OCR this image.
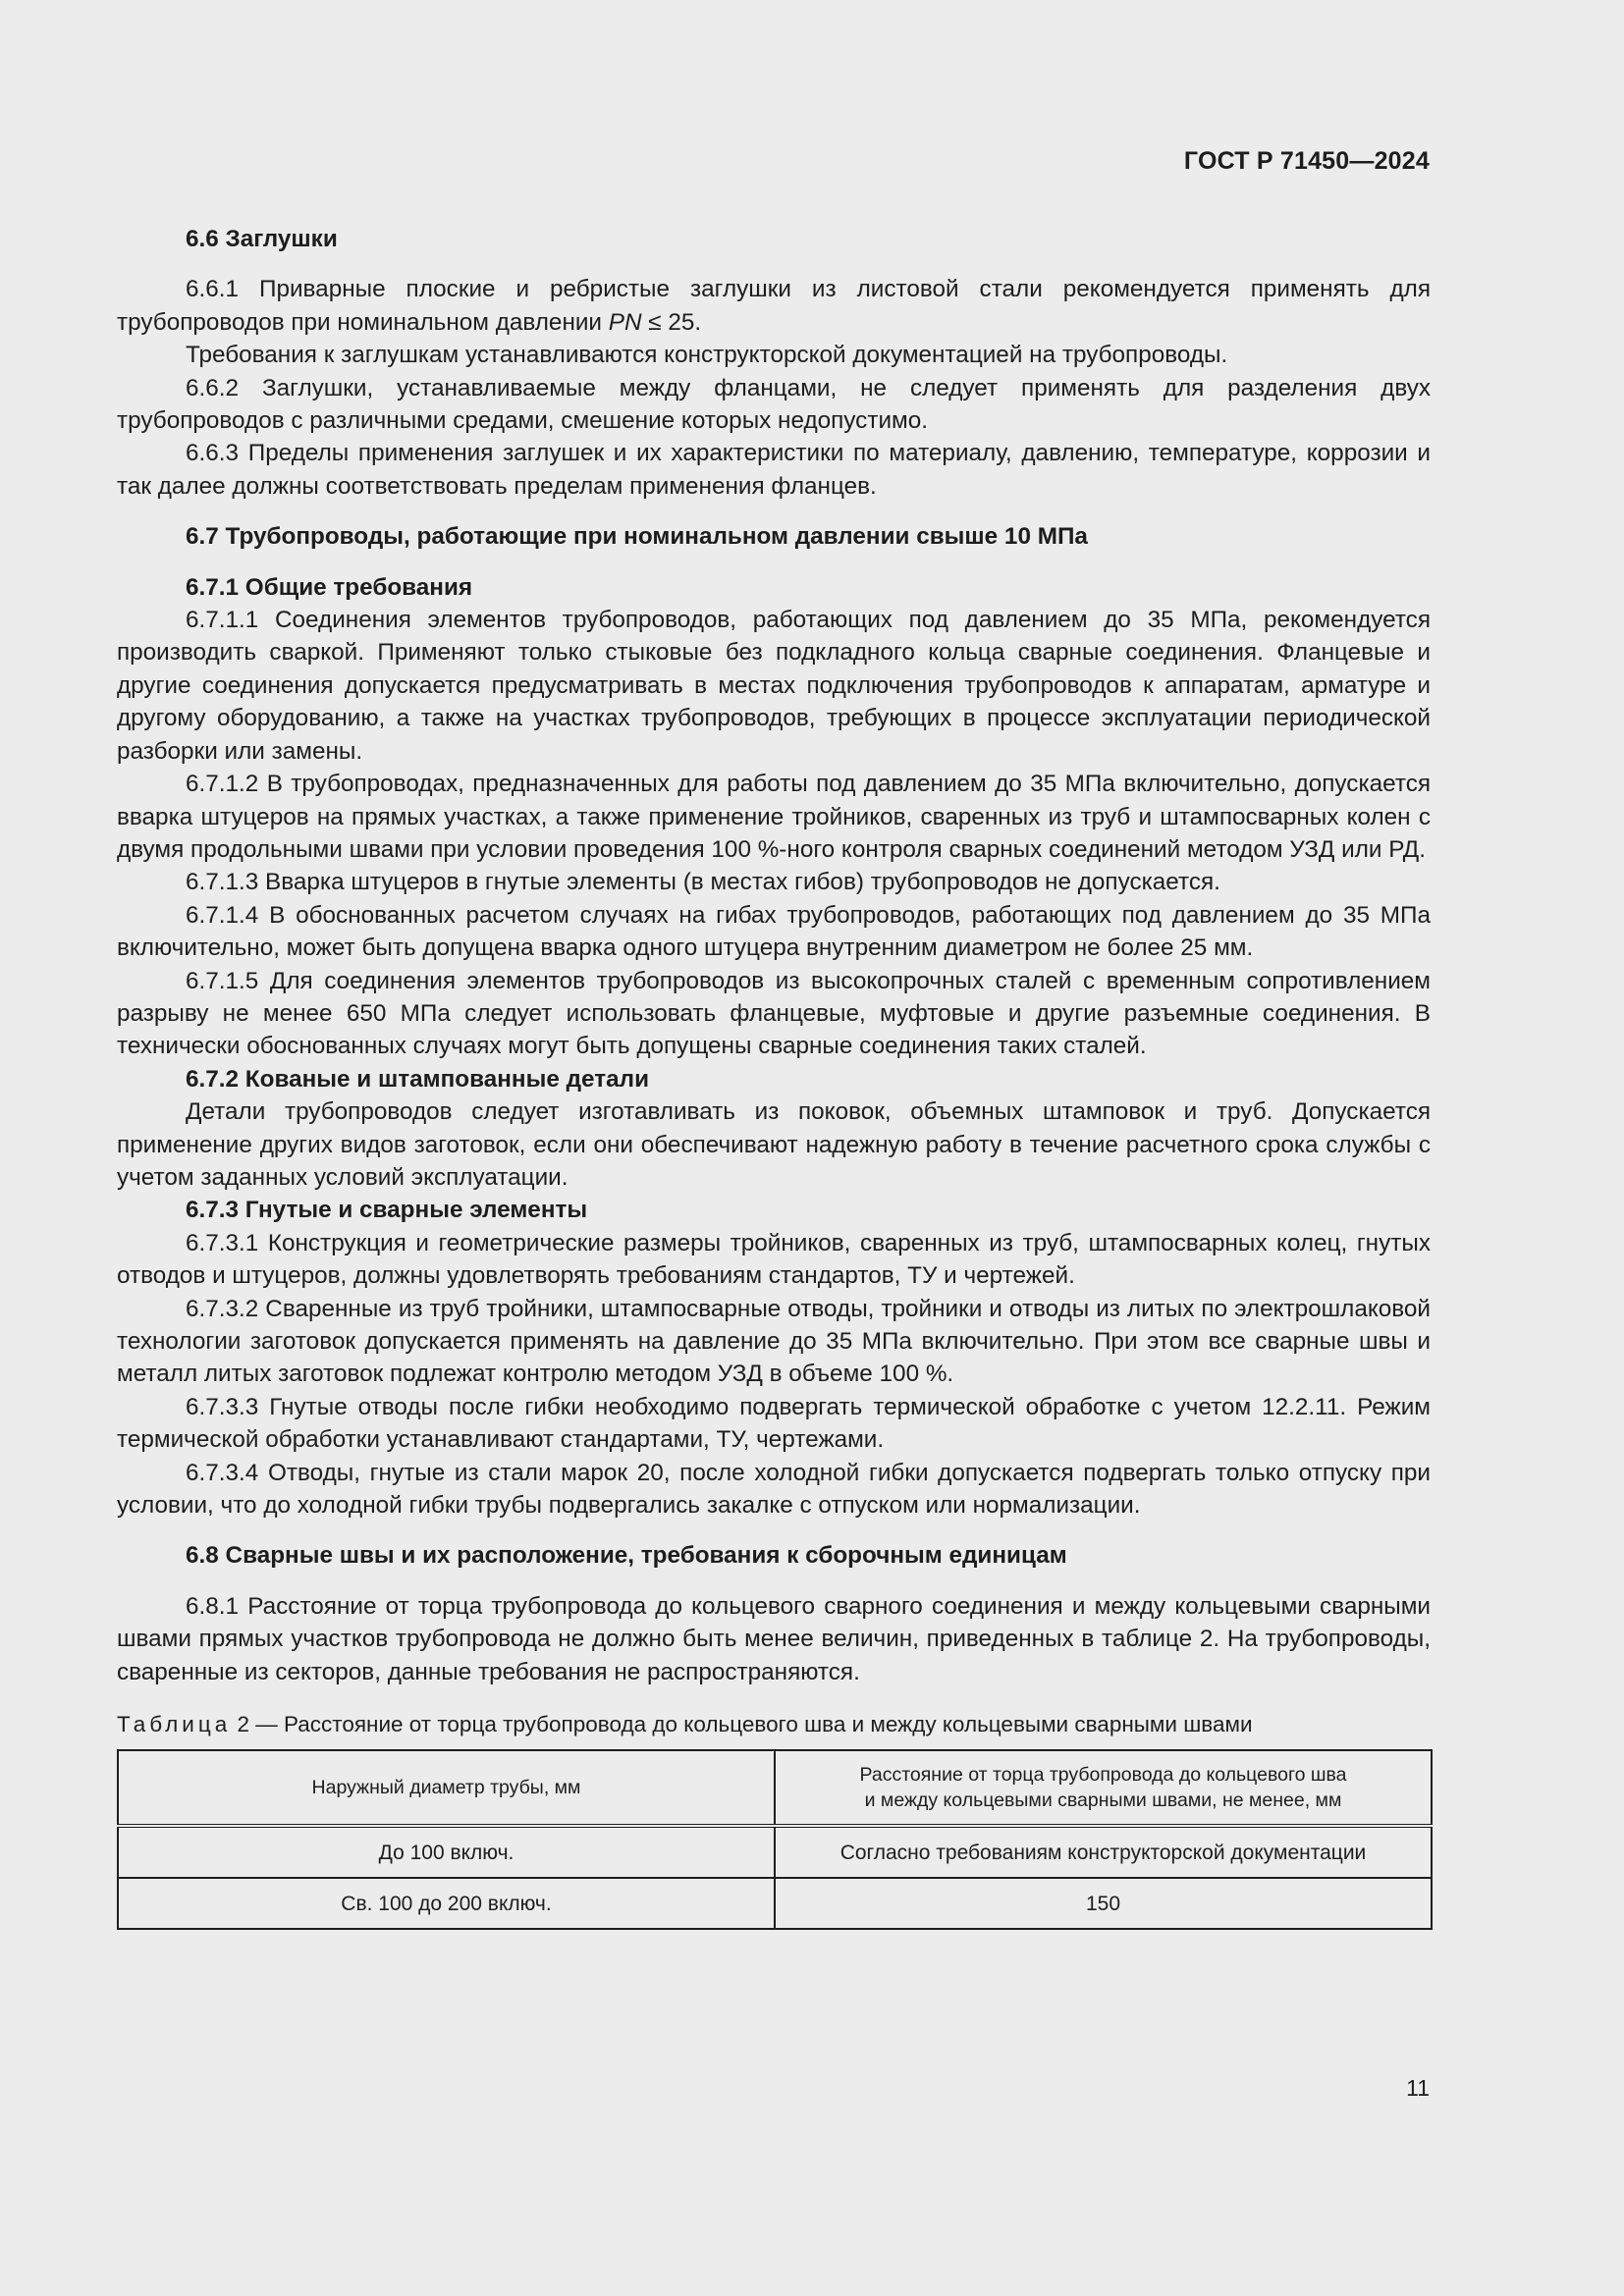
ГОСТ Р 71450—2024
6.6 Заглушки

6.6.1 Приварные плоские и ребристые заглушки из листовой стали рекомендуется применять для трубопроводов при номинальном давлении PN ≤ 25.

Требования к заглушкам устанавливаются конструкторской документацией на трубопроводы.

6.6.2 Заглушки, устанавливаемые между фланцами, не следует применять для разделения двух трубопроводов с различными средами, смешение которых недопустимо.

6.6.3 Пределы применения заглушек и их характеристики по материалу, давлению, температуре, коррозии и так далее должны соответствовать пределам применения фланцев.

6.7 Трубопроводы, работающие при номинальном давлении свыше 10 МПа
6.7.1 Общие требования

6.7.1.1 Соединения элементов трубопроводов, работающих под давлением до 35 МПа, рекомендуется производить сваркой. Применяют только стыковые без подкладного кольца сварные соединения. Фланцевые и другие соединения допускается предусматривать в местах подключения трубопроводов к аппаратам, арматуре и другому оборудованию, а также на участках трубопроводов, требующих в процессе эксплуатации периодической разборки или замены.

6.7.1.2 В трубопроводах, предназначенных для работы под давлением до 35 МПа включительно, допускается вварка штуцеров на прямых участках, а также применение тройников, сваренных из труб и штампосварных колен с двумя продольными швами при условии проведения 100 %-ного контроля сварных соединений методом УЗД или РД.

6.7.1.3 Вварка штуцеров в гнутые элементы (в местах гибов) трубопроводов не допускается.

6.7.1.4 В обоснованных расчетом случаях на гибах трубопроводов, работающих под давлением до 35 МПа включительно, может быть допущена вварка одного штуцера внутренним диаметром не более 25 мм.

6.7.1.5 Для соединения элементов трубопроводов из высокопрочных сталей с временным сопротивлением разрыву не менее 650 МПа следует использовать фланцевые, муфтовые и другие разъемные соединения. В технически обоснованных случаях могут быть допущены сварные соединения таких сталей.

6.7.2 Кованые и штампованные детали

Детали трубопроводов следует изготавливать из поковок, объемных штамповок и труб. Допускается применение других видов заготовок, если они обеспечивают надежную работу в течение расчетного срока службы с учетом заданных условий эксплуатации.

6.7.3 Гнутые и сварные элементы

6.7.3.1 Конструкция и геометрические размеры тройников, сваренных из труб, штампосварных колец, гнутых отводов и штуцеров, должны удовлетворять требованиям стандартов, ТУ и чертежей.

6.7.3.2 Сваренные из труб тройники, штампосварные отводы, тройники и отводы из литых по электрошлаковой технологии заготовок допускается применять на давление до 35 МПа включительно. При этом все сварные швы и металл литых заготовок подлежат контролю методом УЗД в объеме 100 %.

6.7.3.3 Гнутые отводы после гибки необходимо подвергать термической обработке с учетом 12.2.11. Режим термической обработки устанавливают стандартами, ТУ, чертежами.

6.7.3.4 Отводы, гнутые из стали марок 20, после холодной гибки допускается подвергать только отпуску при условии, что до холодной гибки трубы подвергались закалке с отпуском или нормализации.

6.8 Сварные швы и их расположение, требования к сборочным единицам

6.8.1 Расстояние от торца трубопровода до кольцевого сварного соединения и между кольцевыми сварными швами прямых участков трубопровода не должно быть менее величин, приведенных в таблице 2. На трубопроводы, сваренные из секторов, данные требования не распространяются.

Таблица 2 — Расстояние от торца трубопровода до кольцевого шва и между кольцевыми сварными швами
Наружный диаметр трубы, мм	Расстояние от торца трубопровода до кольцевого шва
и между кольцевыми сварными швами, не менее, мм
До 100 включ.	Согласно требованиям конструкторской документации
Св. 100 до 200 включ.	150
11
